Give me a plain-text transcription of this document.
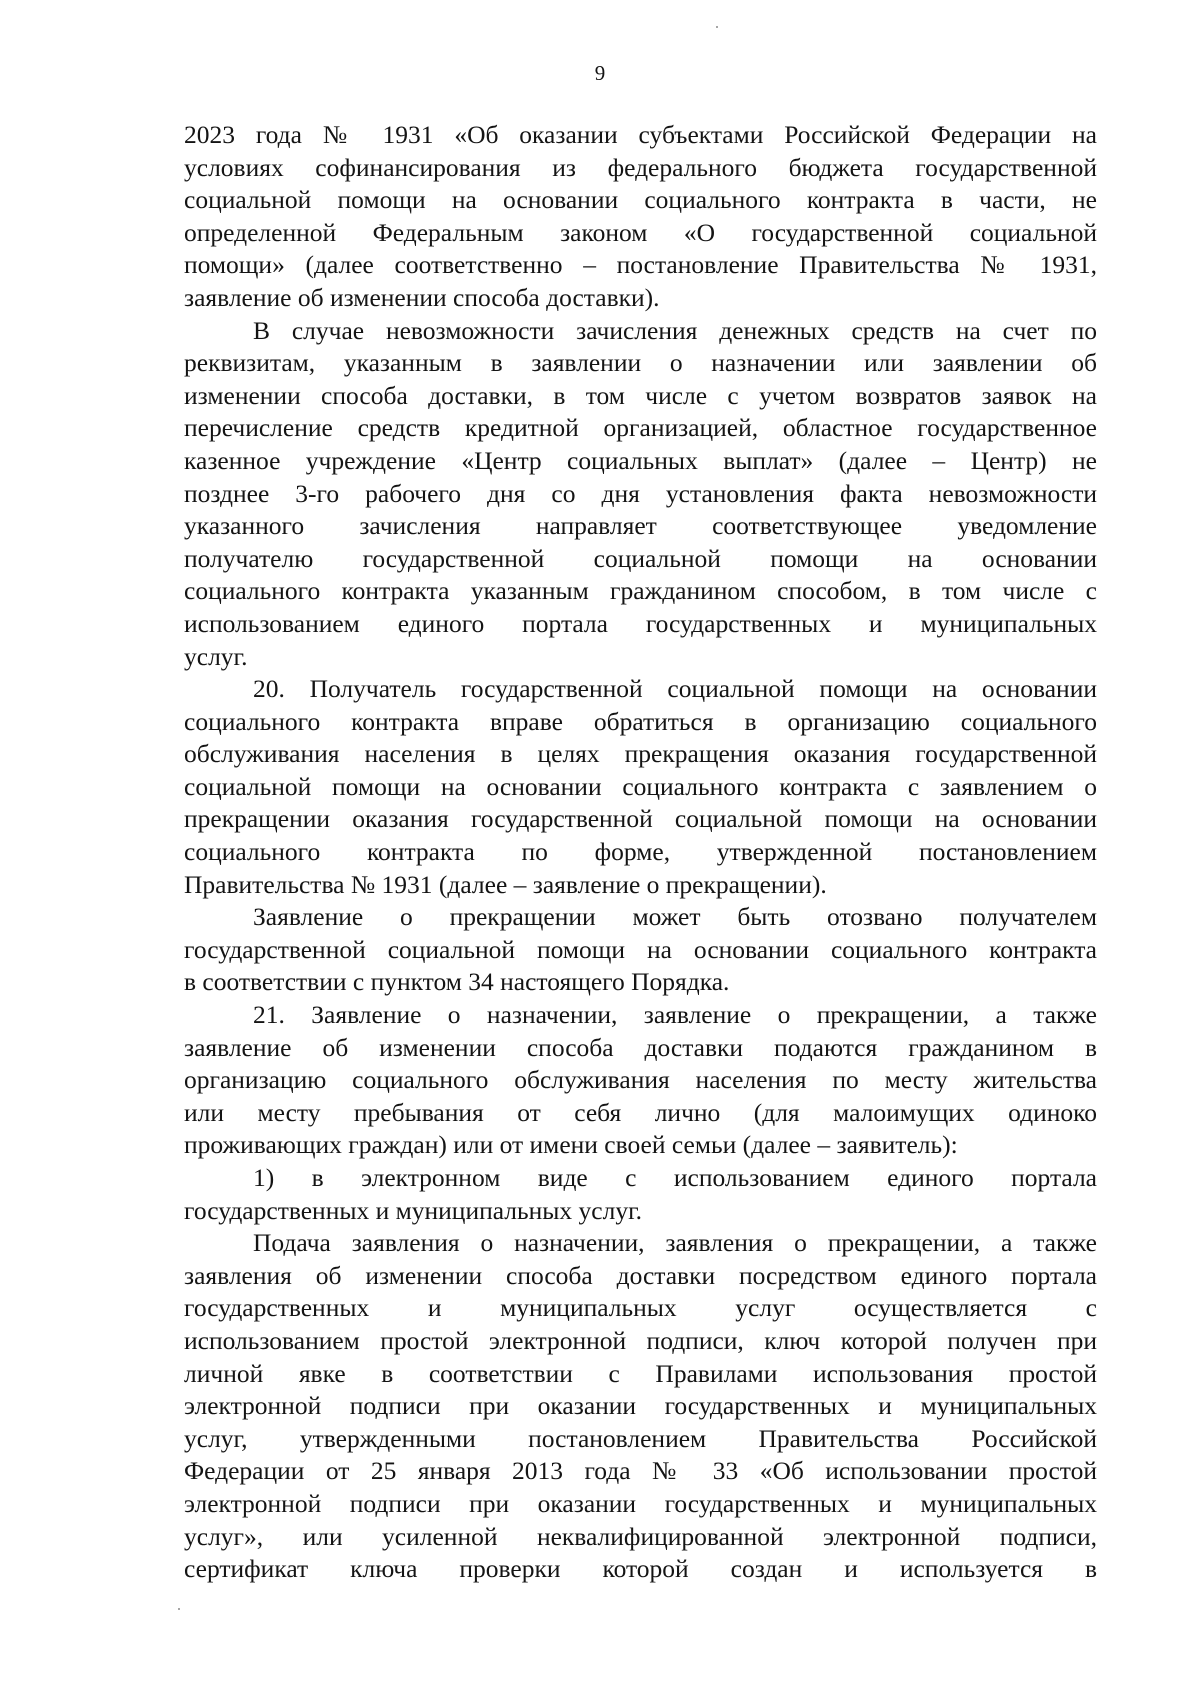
9
2023 года № 1931 «Об оказании субъектами Российской Федерации на
условиях софинансирования из федерального бюджета государственной
социальной помощи на основании социального контракта в части, не
определенной Федеральным законом «О государственной социальной
помощи» (далее соответственно – постановление Правительства № 1931,
заявление об изменении способа доставки).
В случае невозможности зачисления денежных средств на счет по
реквизитам, указанным в заявлении о назначении или заявлении об
изменении способа доставки, в том числе с учетом возвратов заявок на
перечисление средств кредитной организацией, областное государственное
казенное учреждение «Центр социальных выплат» (далее – Центр) не
позднее 3-го рабочего дня со дня установления факта невозможности
указанного зачисления направляет соответствующее уведомление
получателю государственной социальной помощи на основании
социального контракта указанным гражданином способом, в том числе с
использованием единого портала государственных и муниципальных
услуг.
20. Получатель государственной социальной помощи на основании
социального контракта вправе обратиться в организацию социального
обслуживания населения в целях прекращения оказания государственной
социальной помощи на основании социального контракта с заявлением о
прекращении оказания государственной социальной помощи на основании
социального контракта по форме, утвержденной постановлением
Правительства № 1931 (далее – заявление о прекращении).
Заявление о прекращении может быть отозвано получателем
государственной социальной помощи на основании социального контракта
в соответствии с пунктом 34 настоящего Порядка.
21. Заявление о назначении, заявление о прекращении, а также
заявление об изменении способа доставки подаются гражданином в
организацию социального обслуживания населения по месту жительства
или месту пребывания от себя лично (для малоимущих одиноко
проживающих граждан) или от имени своей семьи (далее – заявитель):
1) в электронном виде с использованием единого портала
государственных и муниципальных услуг.
Подача заявления о назначении, заявления о прекращении, а также
заявления об изменении способа доставки посредством единого портала
государственных и муниципальных услуг осуществляется с
использованием простой электронной подписи, ключ которой получен при
личной явке в соответствии с Правилами использования простой
электронной подписи при оказании государственных и муниципальных
услуг, утвержденными постановлением Правительства Российской
Федерации от 25 января 2013 года № 33 «Об использовании простой
электронной подписи при оказании государственных и муниципальных
услуг», или усиленной неквалифицированной электронной подписи,
сертификат ключа проверки которой создан и используется в
